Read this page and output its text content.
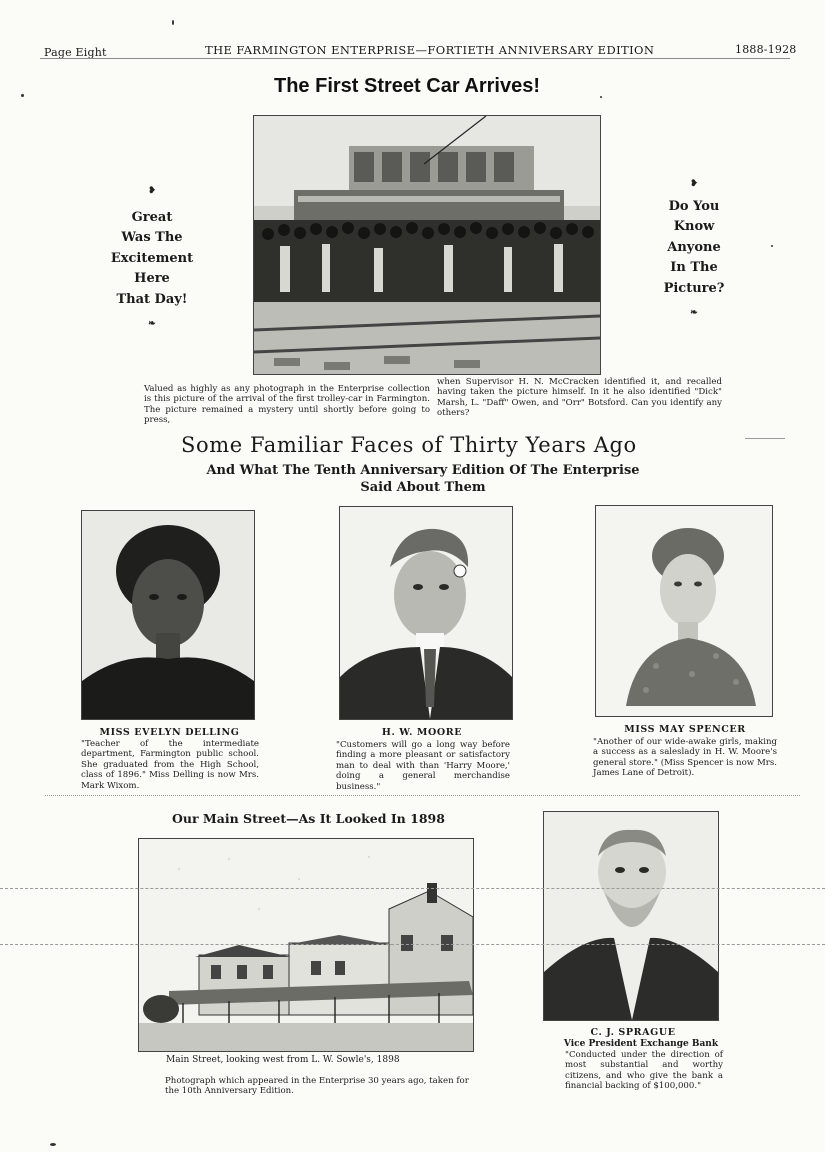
Page Eight	THE FARMINGTON ENTERPRISE—FORTIETH ANNIVERSARY EDITION	1888-1928
The First Street Car Arrives!
❥
Great
Was The
Excitement
Here
That Day!
❧
❥
Do You
Know
Anyone
In The
Picture?
❧
Valued as highly as any photograph in the Enterprise collection is this picture of the arrival of the first trolley-car in Farmington. The picture remained a mystery until shortly before going to press,
when Supervisor H. N. McCracken identified it, and recalled having taken the picture himself. In it he also identified "Dick" Marsh, L. "Daff" Owen, and "Orr" Botsford. Can you identify any others?
Some Familiar Faces of Thirty Years Ago
And What The Tenth Anniversary Edition Of The Enterprise
Said About Them
MISS EVELYN DELLING
"Teacher of the intermediate department, Farmington public school. She graduated from the High School, class of 1896." Miss Delling is now Mrs. Mark Wixom.
H. W. MOORE
"Customers will go a long way before finding a more pleasant or satisfactory man to deal with than 'Harry Moore,' doing a general merchandise business."
MISS MAY SPENCER
"Another of our wide-awake girls, making a success as a saleslady in H. W. Moore's general store." (Miss Spencer is now Mrs. James Lane of Detroit).
Our Main Street—As It Looked In 1898
Main Street, looking west from L. W. Sowle's, 1898
Photograph which appeared in the Enterprise 30 years ago, taken for the 10th Anniversary Edition.
C. J. SPRAGUE
Vice President Exchange Bank
"Conducted under the direction of most substantial and worthy citizens, and who give the bank a financial backing of $100,000."
